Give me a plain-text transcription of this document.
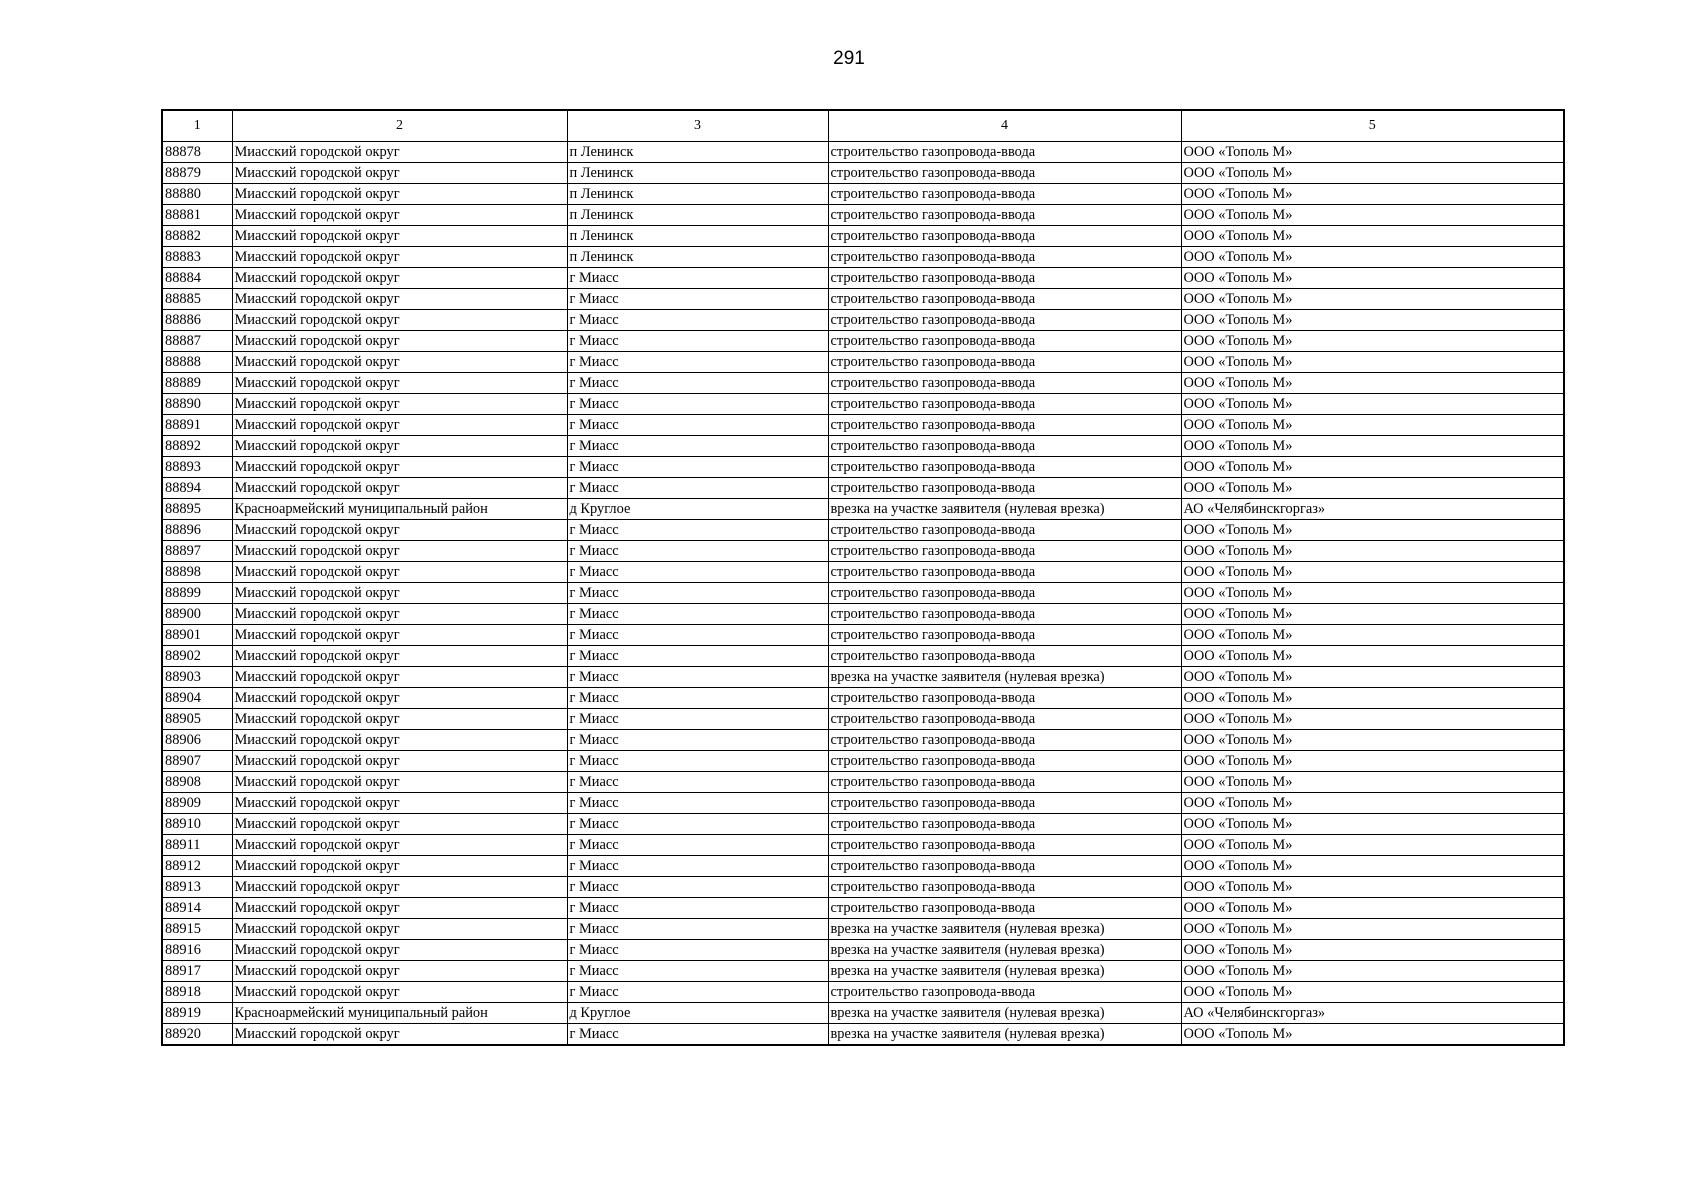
291
1	2	3	4	5
88878	Миасский городской округ	п Ленинск	строительство газопровода-ввода	ООО «Тополь М»
88879	Миасский городской округ	п Ленинск	строительство газопровода-ввода	ООО «Тополь М»
88880	Миасский городской округ	п Ленинск	строительство газопровода-ввода	ООО «Тополь М»
88881	Миасский городской округ	п Ленинск	строительство газопровода-ввода	ООО «Тополь М»
88882	Миасский городской округ	п Ленинск	строительство газопровода-ввода	ООО «Тополь М»
88883	Миасский городской округ	п Ленинск	строительство газопровода-ввода	ООО «Тополь М»
88884	Миасский городской округ	г Миасс	строительство газопровода-ввода	ООО «Тополь М»
88885	Миасский городской округ	г Миасс	строительство газопровода-ввода	ООО «Тополь М»
88886	Миасский городской округ	г Миасс	строительство газопровода-ввода	ООО «Тополь М»
88887	Миасский городской округ	г Миасс	строительство газопровода-ввода	ООО «Тополь М»
88888	Миасский городской округ	г Миасс	строительство газопровода-ввода	ООО «Тополь М»
88889	Миасский городской округ	г Миасс	строительство газопровода-ввода	ООО «Тополь М»
88890	Миасский городской округ	г Миасс	строительство газопровода-ввода	ООО «Тополь М»
88891	Миасский городской округ	г Миасс	строительство газопровода-ввода	ООО «Тополь М»
88892	Миасский городской округ	г Миасс	строительство газопровода-ввода	ООО «Тополь М»
88893	Миасский городской округ	г Миасс	строительство газопровода-ввода	ООО «Тополь М»
88894	Миасский городской округ	г Миасс	строительство газопровода-ввода	ООО «Тополь М»
88895	Красноармейский муниципальный район	д Круглое	врезка на участке заявителя (нулевая врезка)	АО «Челябинскгоргаз»
88896	Миасский городской округ	г Миасс	строительство газопровода-ввода	ООО «Тополь М»
88897	Миасский городской округ	г Миасс	строительство газопровода-ввода	ООО «Тополь М»
88898	Миасский городской округ	г Миасс	строительство газопровода-ввода	ООО «Тополь М»
88899	Миасский городской округ	г Миасс	строительство газопровода-ввода	ООО «Тополь М»
88900	Миасский городской округ	г Миасс	строительство газопровода-ввода	ООО «Тополь М»
88901	Миасский городской округ	г Миасс	строительство газопровода-ввода	ООО «Тополь М»
88902	Миасский городской округ	г Миасс	строительство газопровода-ввода	ООО «Тополь М»
88903	Миасский городской округ	г Миасс	врезка на участке заявителя (нулевая врезка)	ООО «Тополь М»
88904	Миасский городской округ	г Миасс	строительство газопровода-ввода	ООО «Тополь М»
88905	Миасский городской округ	г Миасс	строительство газопровода-ввода	ООО «Тополь М»
88906	Миасский городской округ	г Миасс	строительство газопровода-ввода	ООО «Тополь М»
88907	Миасский городской округ	г Миасс	строительство газопровода-ввода	ООО «Тополь М»
88908	Миасский городской округ	г Миасс	строительство газопровода-ввода	ООО «Тополь М»
88909	Миасский городской округ	г Миасс	строительство газопровода-ввода	ООО «Тополь М»
88910	Миасский городской округ	г Миасс	строительство газопровода-ввода	ООО «Тополь М»
88911	Миасский городской округ	г Миасс	строительство газопровода-ввода	ООО «Тополь М»
88912	Миасский городской округ	г Миасс	строительство газопровода-ввода	ООО «Тополь М»
88913	Миасский городской округ	г Миасс	строительство газопровода-ввода	ООО «Тополь М»
88914	Миасский городской округ	г Миасс	строительство газопровода-ввода	ООО «Тополь М»
88915	Миасский городской округ	г Миасс	врезка на участке заявителя (нулевая врезка)	ООО «Тополь М»
88916	Миасский городской округ	г Миасс	врезка на участке заявителя (нулевая врезка)	ООО «Тополь М»
88917	Миасский городской округ	г Миасс	врезка на участке заявителя (нулевая врезка)	ООО «Тополь М»
88918	Миасский городской округ	г Миасс	строительство газопровода-ввода	ООО «Тополь М»
88919	Красноармейский муниципальный район	д Круглое	врезка на участке заявителя (нулевая врезка)	АО «Челябинскгоргаз»
88920	Миасский городской округ	г Миасс	врезка на участке заявителя (нулевая врезка)	ООО «Тополь М»
